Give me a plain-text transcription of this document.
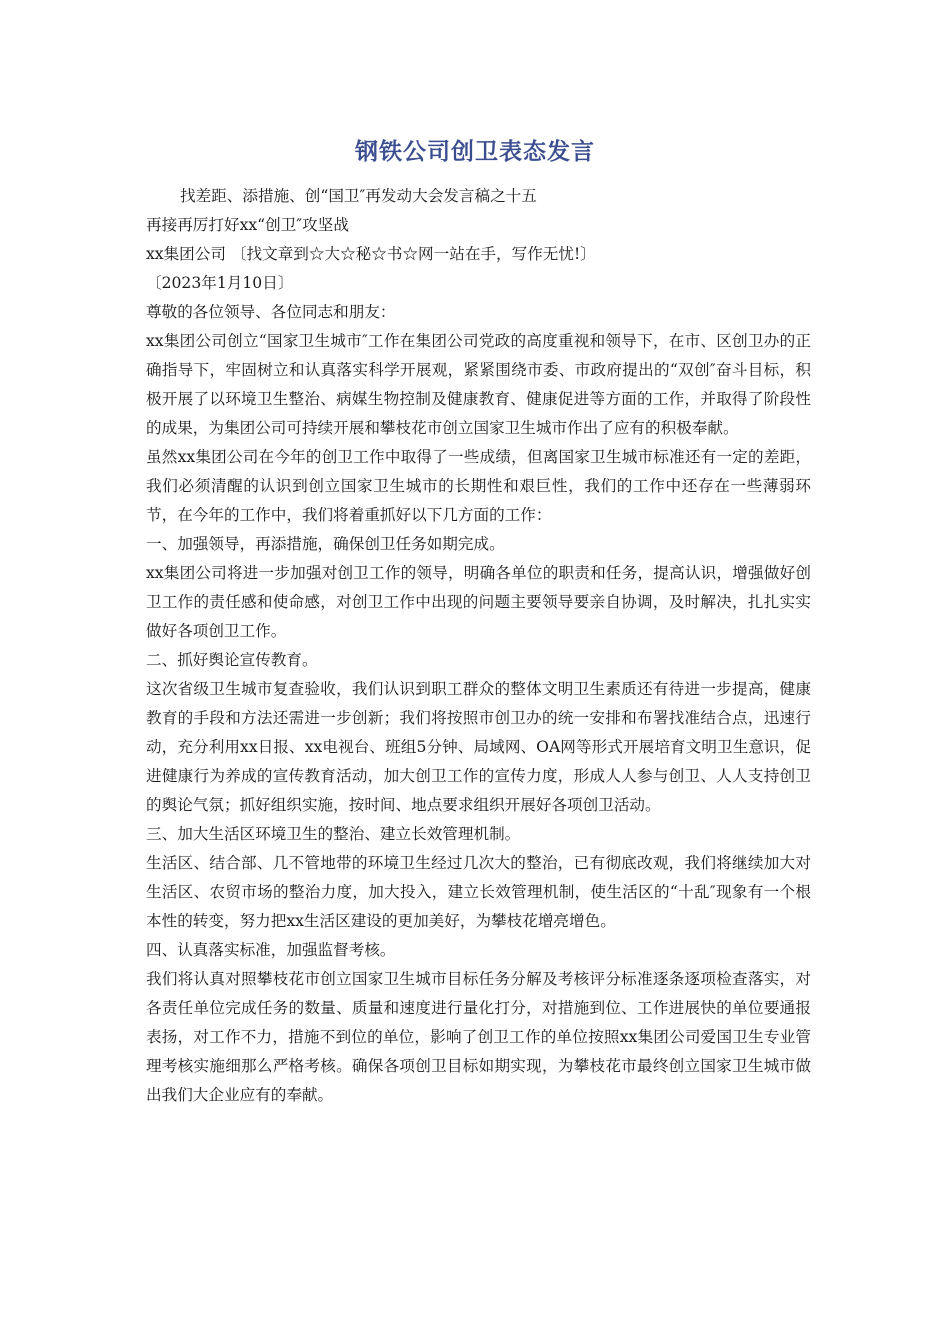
钢铁公司创卫表态发言

找差距、添措施、创“国卫″再发动大会发言稿之十五

再接再厉打好xx“创卫″攻坚战

xx集团公司 〔找文章到☆大☆秘☆书☆网一站在手，写作无忧!〕

〔2023年1月10日〕

尊敬的各位领导、各位同志和朋友：

xx集团公司创立“国家卫生城市″工作在集团公司党政的高度重视和领导下，在市、区创卫办的正确指导下，牢固树立和认真落实科学开展观，紧紧围绕市委、市政府提出的“双创″奋斗目标，积极开展了以环境卫生整治、病媒生物控制及健康教育、健康促进等方面的工作，并取得了阶段性的成果，为集团公司可持续开展和攀枝花市创立国家卫生城市作出了应有的积极奉献。

虽然xx集团公司在今年的创卫工作中取得了一些成绩，但离国家卫生城市标准还有一定的差距，我们必须清醒的认识到创立国家卫生城市的长期性和艰巨性，我们的工作中还存在一些薄弱环节，在今年的工作中，我们将着重抓好以下几方面的工作：

一、加强领导，再添措施，确保创卫任务如期完成。

xx集团公司将进一步加强对创卫工作的领导，明确各单位的职责和任务，提高认识，增强做好创卫工作的责任感和使命感，对创卫工作中出现的问题主要领导要亲自协调，及时解决，扎扎实实做好各项创卫工作。

二、抓好舆论宣传教育。

这次省级卫生城市复查验收，我们认识到职工群众的整体文明卫生素质还有待进一步提高，健康教育的手段和方法还需进一步创新；我们将按照市创卫办的统一安排和布署找准结合点，迅速行动，充分利用xx日报、xx电视台、班组5分钟、局域网、OA网等形式开展培育文明卫生意识，促进健康行为养成的宣传教育活动，加大创卫工作的宣传力度，形成人人参与创卫、人人支持创卫的舆论气氛；抓好组织实施，按时间、地点要求组织开展好各项创卫活动。

三、加大生活区环境卫生的整治、建立长效管理机制。

生活区、结合部、几不管地带的环境卫生经过几次大的整治，已有彻底改观，我们将继续加大对生活区、农贸市场的整治力度，加大投入，建立长效管理机制，使生活区的“十乱″现象有一个根本性的转变，努力把xx生活区建设的更加美好，为攀枝花增亮增色。

四、认真落实标准，加强监督考核。

我们将认真对照攀枝花市创立国家卫生城市目标任务分解及考核评分标准逐条逐项检查落实，对各责任单位完成任务的数量、质量和速度进行量化打分，对措施到位、工作进展快的单位要通报表扬，对工作不力，措施不到位的单位，影响了创卫工作的单位按照xx集团公司爱国卫生专业管理考核实施细那么严格考核。确保各项创卫目标如期实现，为攀枝花市最终创立国家卫生城市做出我们大企业应有的奉献。
